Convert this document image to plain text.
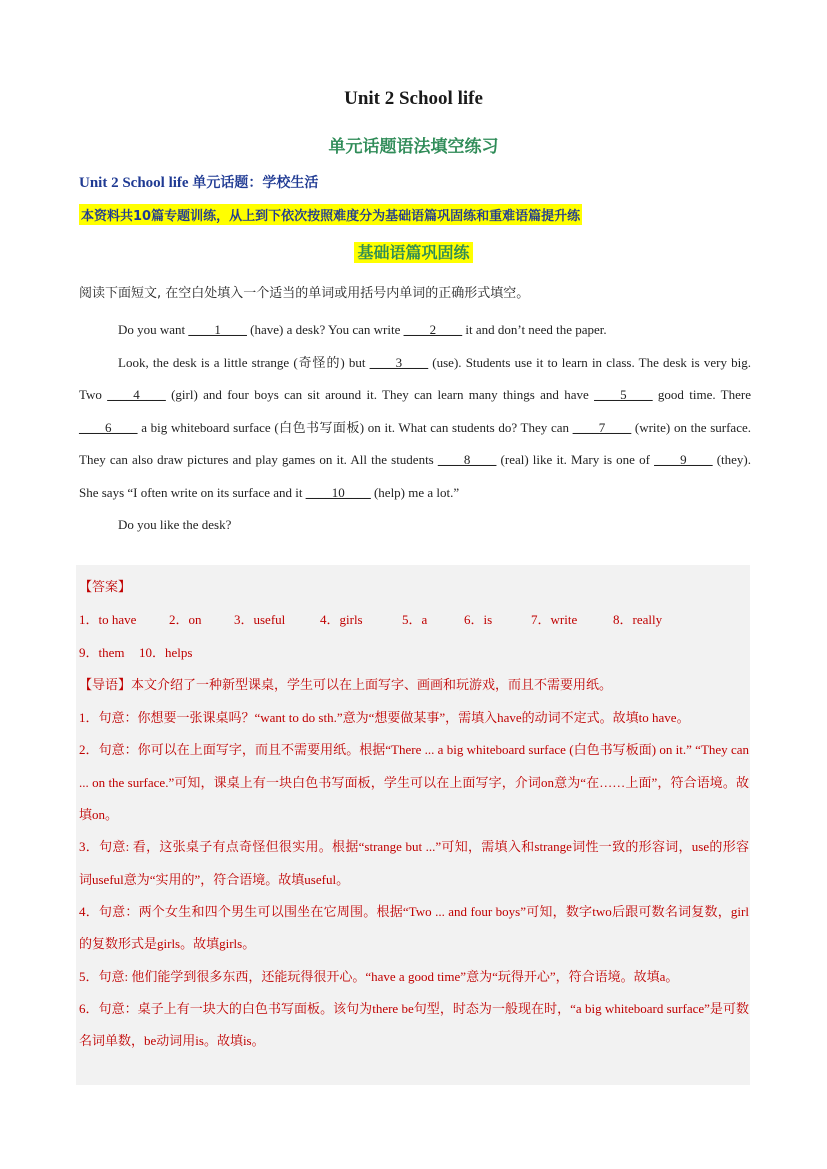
Unit 2 School life
单元话题语法填空练习
Unit 2 School life 单元话题：学校生活
本资料共10篇专题训练，从上到下依次按照难度分为基础语篇巩固练和重难语篇提升练
基础语篇巩固练
阅读下面短文, 在空白处填入一个适当的单词或用括号内单词的正确形式填空。

Do you want ____1____ (have) a desk? You can write ____2____ it and don’t need the paper.

Look, the desk is a little strange (奇怪的) but ____3____ (use). Students use it to learn in class. The desk is very big. Two ____4____ (girl) and four boys can sit around it. They can learn many things and have ____5____ good time. There ____6____ a big whiteboard surface (白色书写面板) on it. What can students do? They can ____7____ (write) on the surface. They can also draw pictures and play games on it. All the students ____8____ (real) like it. Mary is one of ____9____ (they). She says “I often write on its surface and it ____10____ (help) me a lot.”

Do you like the desk?

【答案】

1．to have	2．on	3．useful	4．girls	5．a	6．is	7．write	8．really
9．them	10．helps

【导语】本文介绍了一种新型课桌，学生可以在上面写字、画画和玩游戏，而且不需要用纸。

1．句意：你想要一张课桌吗？“want to do sth.”意为“想要做某事”，需填入have的动词不定式。故填to have。

2．句意：你可以在上面写字，而且不需要用纸。根据“There ... a big whiteboard surface (白色书写板面) on it.” “They can ... on the surface.”可知，课桌上有一块白色书写面板，学生可以在上面写字，介词on意为“在……上面”，符合语境。故填on。

3．句意: 看，这张桌子有点奇怪但很实用。根据“strange but ...”可知，需填入和strange词性一致的形容词，use的形容词useful意为“实用的”，符合语境。故填useful。

4．句意：两个女生和四个男生可以围坐在它周围。根据“Two ... and four boys”可知，数字two后跟可数名词复数，girl的复数形式是girls。故填girls。

5．句意: 他们能学到很多东西，还能玩得很开心。“have a good time”意为“玩得开心”，符合语境。故填a。

6．句意：桌子上有一块大的白色书写面板。该句为there be句型，时态为一般现在时，“a big whiteboard surface”是可数名词单数，be动词用is。故填is。
